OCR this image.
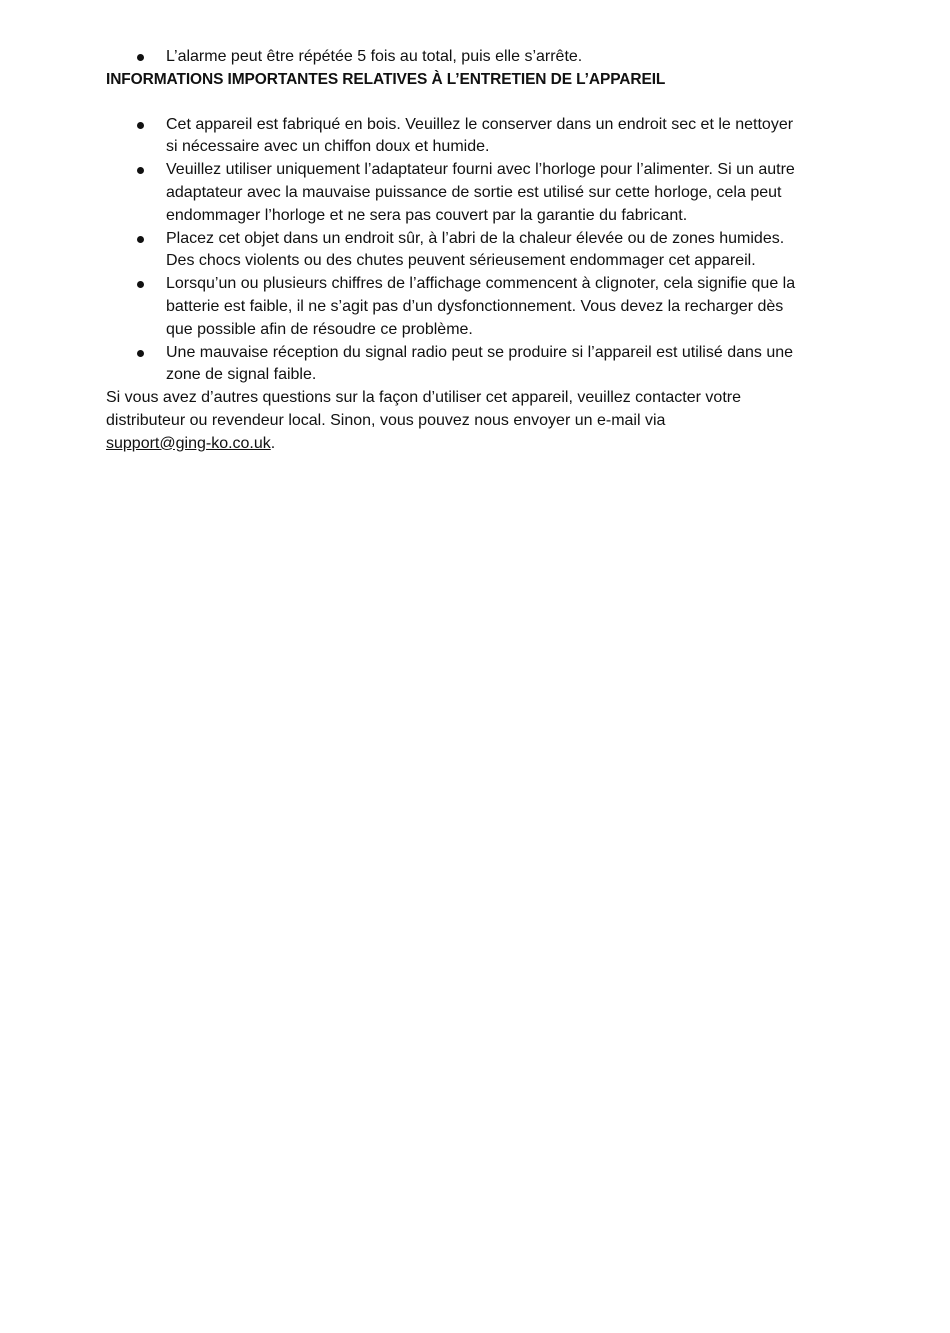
L’alarme peut être répétée 5 fois au total, puis elle s’arrête.

INFORMATIONS IMPORTANTES RELATIVES À L’ENTRETIEN DE L’APPAREIL

Cet appareil est fabriqué en bois. Veuillez le conserver dans un endroit sec et le nettoyer si nécessaire avec un chiffon doux et humide.
Veuillez utiliser uniquement l’adaptateur fourni avec l’horloge pour l’alimenter. Si un autre adaptateur avec la mauvaise puissance de sortie est utilisé sur cette horloge, cela peut endommager l’horloge et ne sera pas couvert par la garantie du fabricant.
Placez cet objet dans un endroit sûr, à l’abri de la chaleur élevée ou de zones humides. Des chocs violents ou des chutes peuvent sérieusement endommager cet appareil.
Lorsqu’un ou plusieurs chiffres de l’affichage commencent à clignoter, cela signifie que la batterie est faible, il ne s’agit pas d’un dysfonctionnement. Vous devez la recharger dès que possible afin de résoudre ce problème.
Une mauvaise réception du signal radio peut se produire si l’appareil est utilisé dans une zone de signal faible.

Si vous avez d’autres questions sur la façon d’utiliser cet appareil, veuillez contacter votre distributeur ou revendeur local. Sinon, vous pouvez nous envoyer un e-mail via
support@ging-ko.co.uk.
